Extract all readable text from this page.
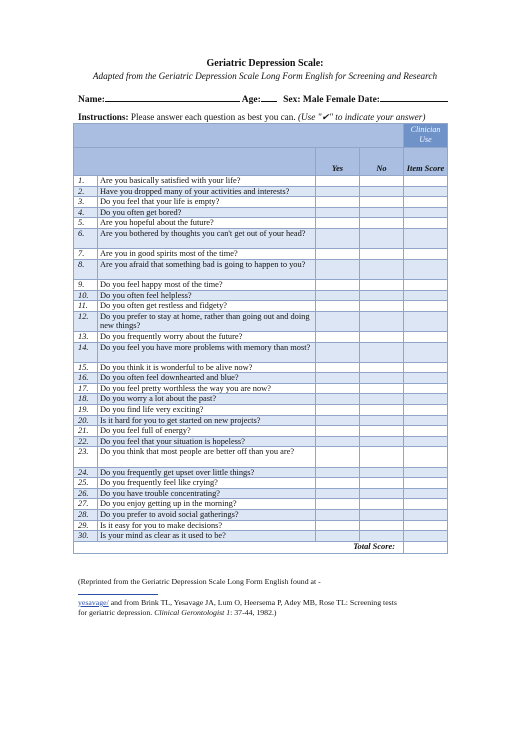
Geriatric Depression Scale:
Adapted from the Geriatric Depression Scale Long Form English for Screening and Research
Name:	Age: Sex: Male Female Date:
Instructions: Please answer each question as best you can. (Use "✔" to indicate your answer)
				Clinician Use
		Yes	No	Item Score
1.	Are you basically satisfied with your life?			
2.	Have you dropped many of your activities and interests?			
3.	Do you feel that your life is empty?			
4.	Do you often get bored?			
5.	Are you hopeful about the future?			
6.	Are you bothered by thoughts you can't get out of your head?			
7.	Are you in good spirits most of the time?			
8.	Are you afraid that something bad is going to happen to you?			
9.	Do you feel happy most of the time?			
10.	Do you often feel helpless?			
11.	Do you often get restless and fidgety?			
12.	Do you prefer to stay at home, rather than going out and doing new things?			
13.	Do you frequently worry about the future?			
14.	Do you feel you have more problems with memory than most?			
15.	Do you think it is wonderful to be alive now?			
16.	Do you often feel downhearted and blue?			
17.	Do you feel pretty worthless the way you are now?			
18.	Do you worry a lot about the past?			
19.	Do you find life very exciting?			
20.	Is it hard for you to get started on new projects?			
21.	Do you feel full of energy?			
22.	Do you feel that your situation is hopeless?			
23.	Do you think that most people are better off than you are?			
24.	Do you frequently get upset over little things?			
25.	Do you frequently feel like crying?			
26.	Do you have trouble concentrating?			
27.	Do you enjoy getting up in the morning?			
28.	Do you prefer to avoid social gatherings?			
29.	Is it easy for you to make decisions?			
30.	Is your mind as clear as it used to be?			
Total Score:				
(Reprinted from the Geriatric Depression Scale Long Form English found at -
yesavage/ and from Brink TL, Yesavage JA, Lum O, Heersema P, Adey MB, Rose TL: Screening tests for geriatric depression. Clinical Gerontologist 1: 37-44, 1982.)
